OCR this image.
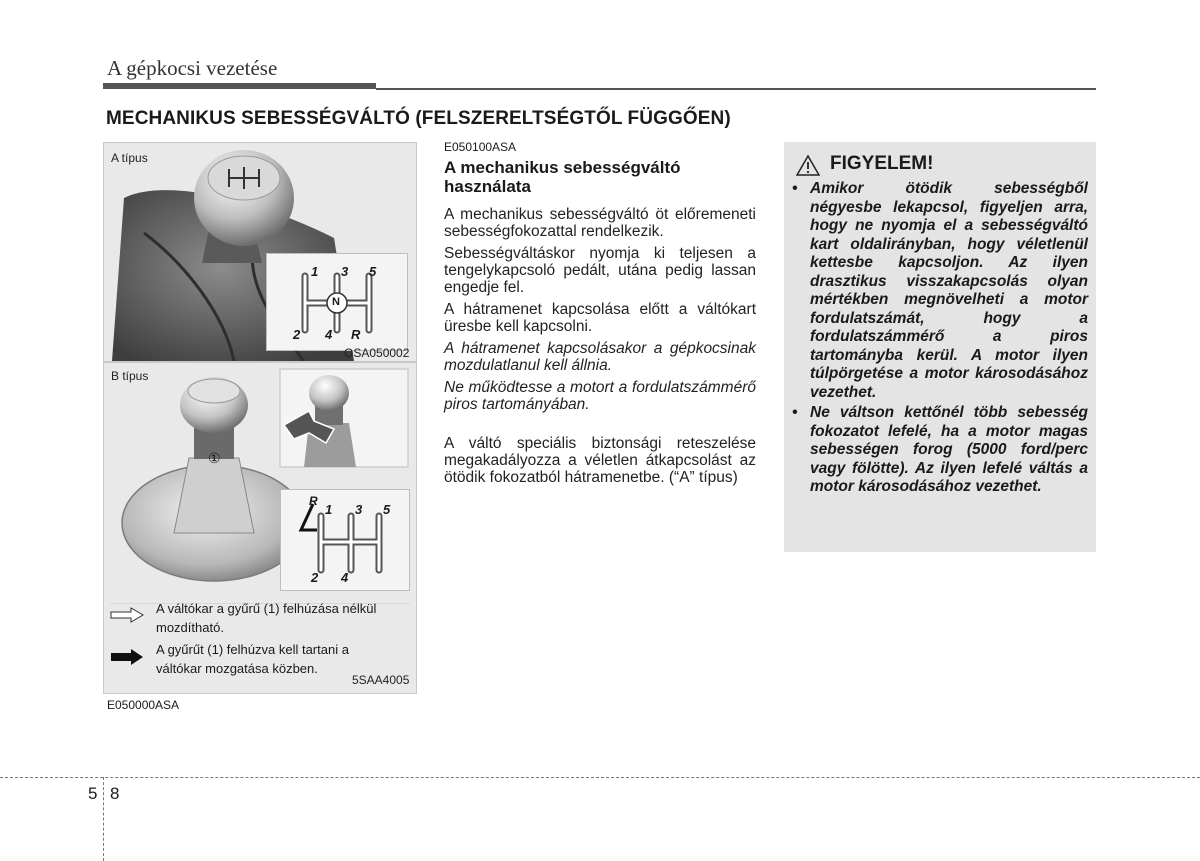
A gépkocsi vezetése
MECHANIKUS SEBESSÉGVÁLTÓ (FELSZERELTSÉGTŐL FÜGGŐEN)
A típus
1 3 5
2 4 R
N
OSA050002
B típus
①
R
1 3 5
2 4
A váltókar a gyűrű (1) felhúzása nélkül mozdítható.
A gyűrűt (1) felhúzva kell tartani a váltókar mozgatása közben.
5SAA4005
E050000ASA
E050100ASA
A mechanikus sebességváltó használata

A mechanikus sebességváltó öt előremeneti sebességfokozattal rendelkezik.

Sebességváltáskor nyomja ki teljesen a tengelykapcsoló pedált, utána pedig lassan engedje fel.

A hátramenet kapcsolása előtt a váltókart üresbe kell kapcsolni.

A hátramenet kapcsolásakor a gépkocsinak mozdulatlanul kell állnia.

Ne működtesse a motort a fordulatszámmérő piros tartományában.

A váltó speciális biztonsági reteszelése megakadályozza a véletlen átkapcsolást az ötödik fokozatból hátramenetbe. (“A” típus)

FIGYELEM!
• Amikor ötödik sebességből négyesbe lekapcsol, figyeljen arra, hogy ne nyomja el a sebességváltó kart oldalirányban, hogy véletlenül kettesbe kapcsoljon. Az ilyen drasztikus visszakapcsolás olyan mértékben megnövelheti a motor fordulatszámát, hogy a fordulatszámmérő a piros tartományba kerül. A motor ilyen túlpörgetése a motor károsodásához vezethet.
• Ne váltson kettőnél több sebesség fokozatot lefelé, ha a motor magas sebességen forog (5000 ford/perc vagy fölötte). Az ilyen lefelé váltás a motor károsodásához vezethet.
5 8
